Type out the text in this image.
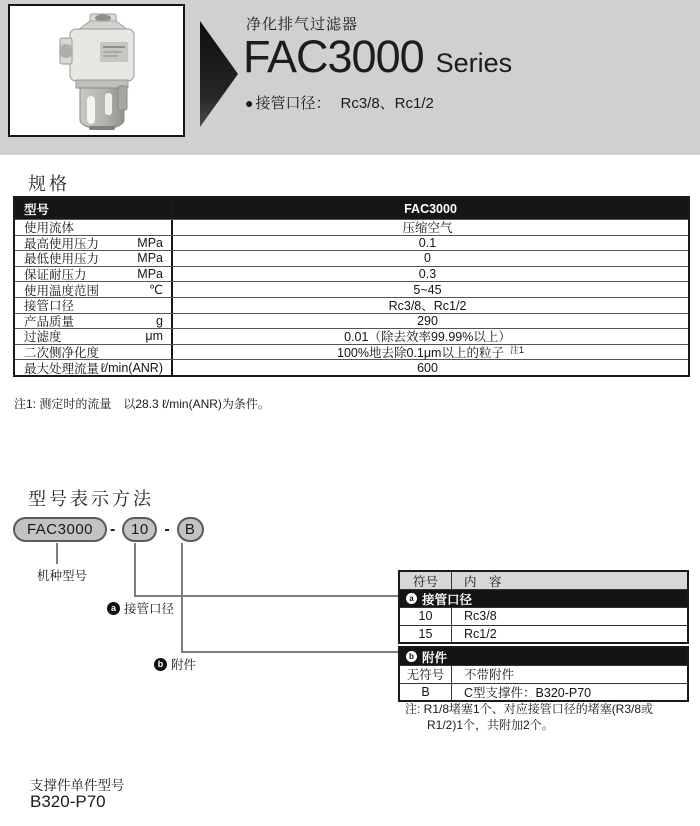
净化排气过滤器
FAC3000 Series
● 接管口径： Rc3/8、Rc1/2
规格
型号	FAC3000
使用流体	压缩空气
最高使用压力	MPa	0.1
最低使用压力	MPa	0
保证耐压力	MPa	0.3
使用温度范围	℃	5~45
接管口径	Rc3/8、Rc1/2
产品质量	g	290
过滤度	μm	0.01（除去效率99.99%以上）
二次侧净化度	100%地去除0.1μm以上的粒子 注1
最大处理流量 ℓ/min(ANR)	600
注1: 测定时的流量　以28.3 ℓ/min(ANR)为条件。
型号表示方法
FAC3000	-	10 -	B
机种型号
a 接管口径
b 附件
符号	内　容
a 接管口径
10	Rc3/8
15	Rc1/2
b 附件
无符号	不带附件
B	C型支撑件：B320-P70
注: R1/8堵塞1个、对应接管口径的堵塞(R3/8或R1/2)1个，共附加2个。
支撑件单件型号
B320-P70
